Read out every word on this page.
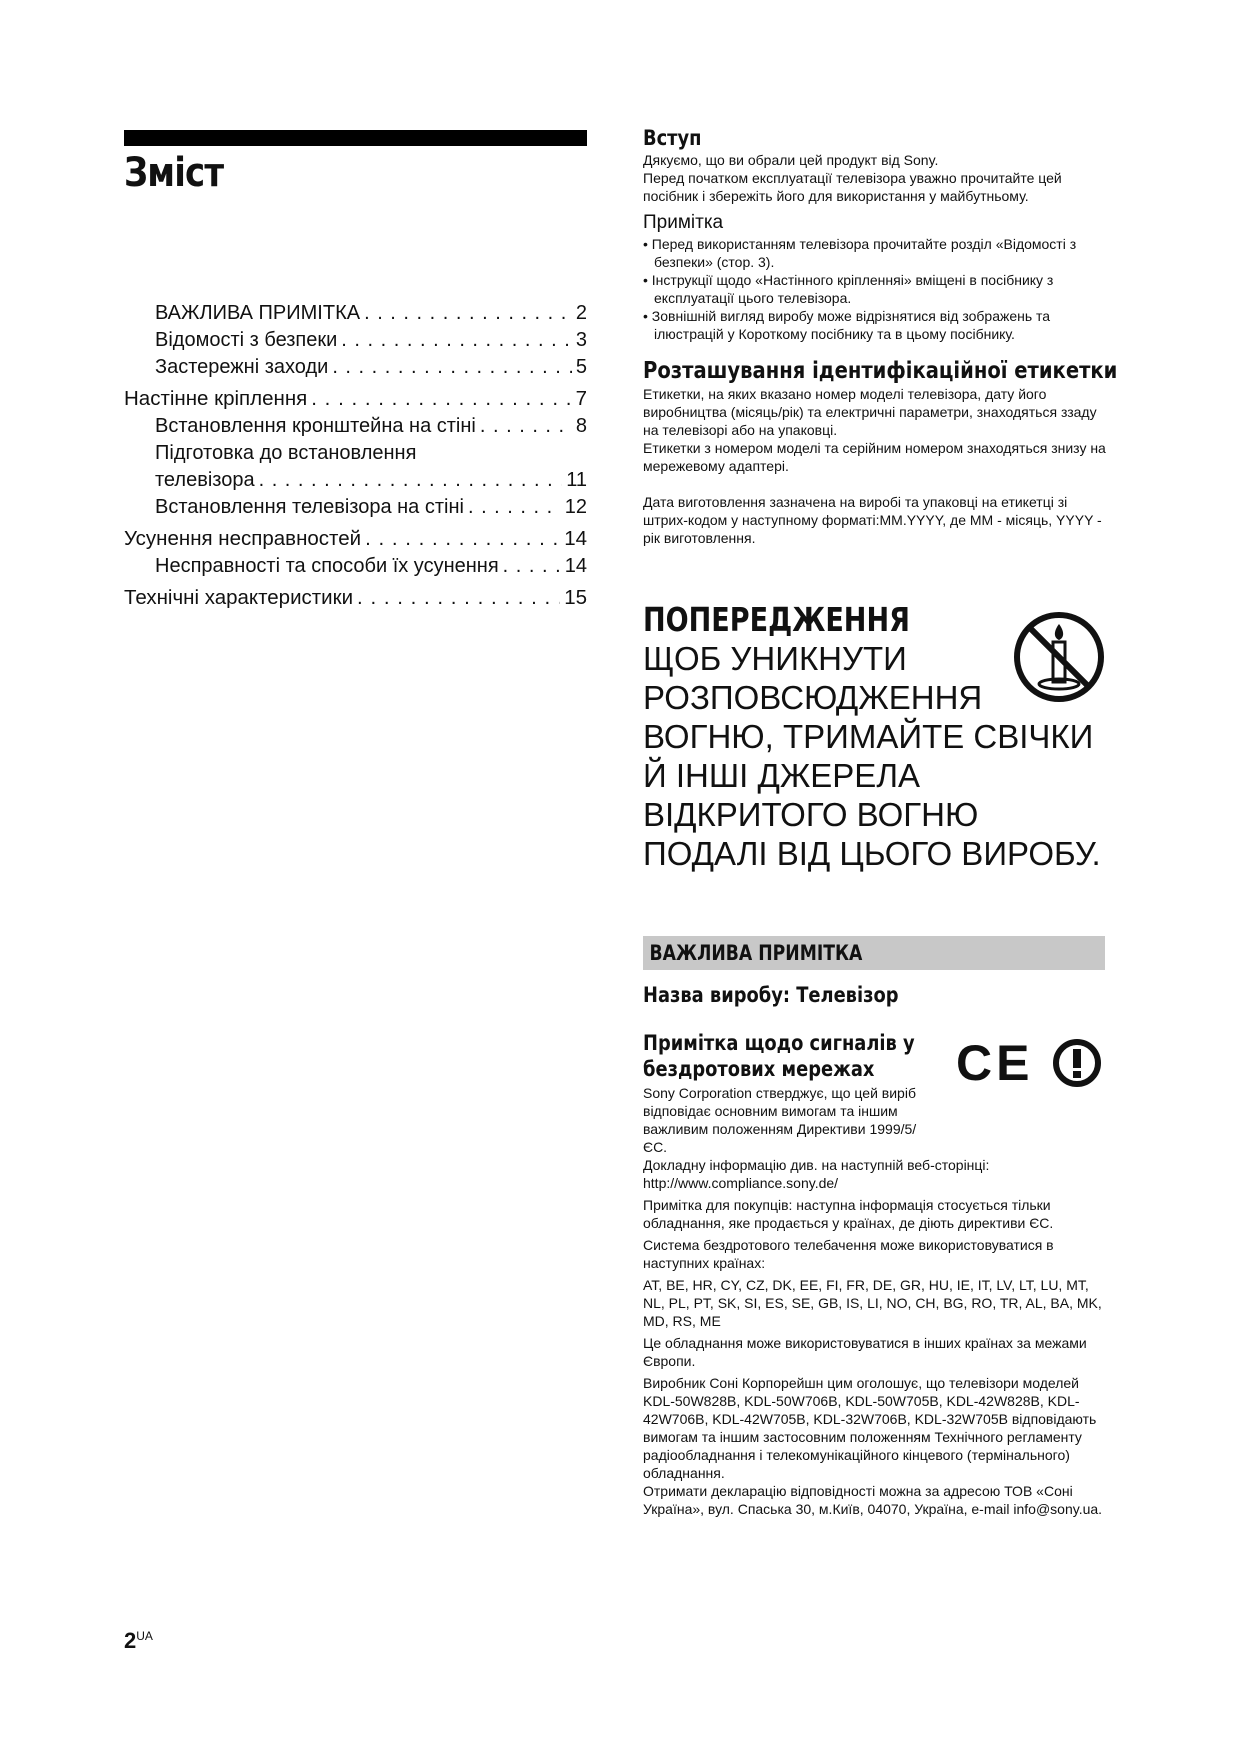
Зміст
ВАЖЛИВА ПРИМІТКА . . .	2
Відомості з безпеки . . .	3
Застережні заходи . . .	5
Настінне кріплення . . .	7
Встановлення кронштейна на стіні . . .	8
Підготовка до встановлення
телевізора . . .	11
Встановлення телевізора на стіні . . .	12
Усунення несправностей . . .	14
Несправності та способи їх усунення . . .	14
Технічні характеристики . . .	15
Вступ

Дякуємо, що ви обрали цей продукт від Sony.

Перед початком експлуатації телевізора уважно прочитайте цей посібник і збережіть його для використання у майбутньому.

Примітка
• Перед використанням телевізора прочитайте розділ «Відомості з безпеки» (стор. 3).
• Інструкції щодо «Настінного кріпленняі» вміщені в посібнику з експлуатації цього телевізора.
• Зовнішній вигляд виробу може відрізнятися від зображень та ілюстрацій у Короткому посібнику та в цьому посібнику.
Розташування ідентифікаційної етикетки

Етикетки, на яких вказано номер моделі телевізора, дату його виробництва (місяць/рік) та електричні параметри, знаходяться ззаду на телевізорі або на упаковці.

Етикетки з номером моделі та серійним номером знаходяться знизу на мережевому адаптері.

Дата виготовлення зазначена на виробі та упаковці на етикетці зі штрих-кодом у наступному форматі:MM.YYYY, де MM - місяць, YYYY - рік виготовлення.

ПОПЕРЕДЖЕННЯ
ЩОБ УНИКНУТИ
РОЗПОВСЮДЖЕННЯ
ВОГНЮ, ТРИМАЙТЕ СВІЧКИ
Й ІНШІ ДЖЕРЕЛА
ВІДКРИТОГО ВОГНЮ
ПОДАЛІ ВІД ЦЬОГО ВИРОБУ.
ВАЖЛИВА ПРИМІТКА
Назва виробу: Телевізор
Примітка щодо сигналів у
бездротових мережах

Sony Corporation стверджує, що цей виріб відповідає основним вимогам та іншим важливим положенням Директиви 1999/5/ЄС.

Докладну інформацію див. на наступній веб-сторінці:

http://www.compliance.sony.de/

Примітка для покупців: наступна інформація стосується тільки обладнання, яке продається у країнах, де діють директиви ЄС.

Система бездротового телебачення може використовуватися в наступних країнах:

AT, BE, HR, CY, CZ, DK, EE, FI, FR, DE, GR, HU, IE, IT, LV, LT, LU, MT, NL, PL, PT, SK, SI, ES, SE, GB, IS, LI, NO, CH, BG, RO, TR, AL, BA, MK, MD, RS, ME

Це обладнання може використовуватися в інших країнах за межами Європи.

Виробник Соні Корпорейшн цим оголошує, що телевізори моделей KDL-50W828B, KDL-50W706B, KDL-50W705B, KDL-42W828B, KDL-42W706B, KDL-42W705B, KDL-32W706B, KDL-32W705B відповідають вимогам та іншим застосовним положенням Технічного регламенту радіообладнання і телекомунікаційного кінцевого (термінального) обладнання.

Отримати декларацію відповідності можна за адресою ТОВ «Соні Україна», вул. Спаська 30, м.Київ, 04070, Україна, e-mail info@sony.ua.

CE
$2^{UA}$
